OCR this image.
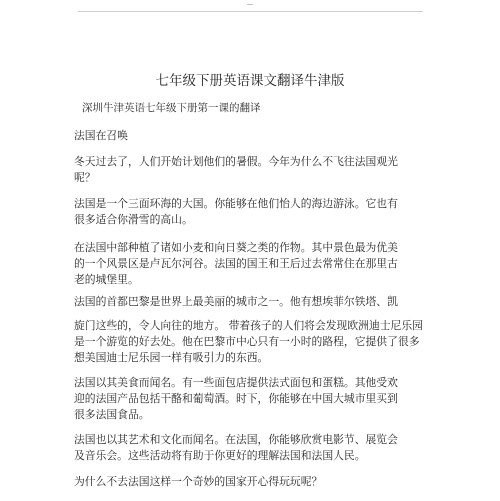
—
七年级下册英语课文翻译牛津版
深圳牛津英语七年级下册第一课的翻译
法国在召唤
冬天过去了，人们开始计划他们的暑假。今年为什么不飞往法国观光
呢？
法国是一个三面环海的大国。你能够在他们怡人的海边游泳。它也有
很多适合你滑雪的高山。
在法国中部种植了诸如小麦和向日葵之类的作物。其中景色最为优美
的一个风景区是卢瓦尔河谷。法国的国王和王后过去常常住在那里古
老的城堡里。
法国的首都巴黎是世界上最美丽的城市之一。他有想埃菲尔铁塔、凯
旋门这些的，令人向往的地方。 带着孩子的人们将会发现欧洲迪士尼乐园
是一个游览的好去处。他在巴黎市中心只有一小时的路程，它提供了很多
想美国迪士尼乐园一样有吸引力的东西。
法国以其美食而闻名。有一些面包店提供法式面包和蛋糕。其他受欢
迎的法国产品包括干酪和葡萄酒。时下，你能够在中国大城市里买到
很多法国食品。
法国也以其艺术和文化而闻名。在法国，你能够欣赏电影节、展览会
及音乐会。这些活动将有助于你更好的理解法国和法国人民。
为什么不去法国这样一个奇妙的国家开心得玩玩呢？
